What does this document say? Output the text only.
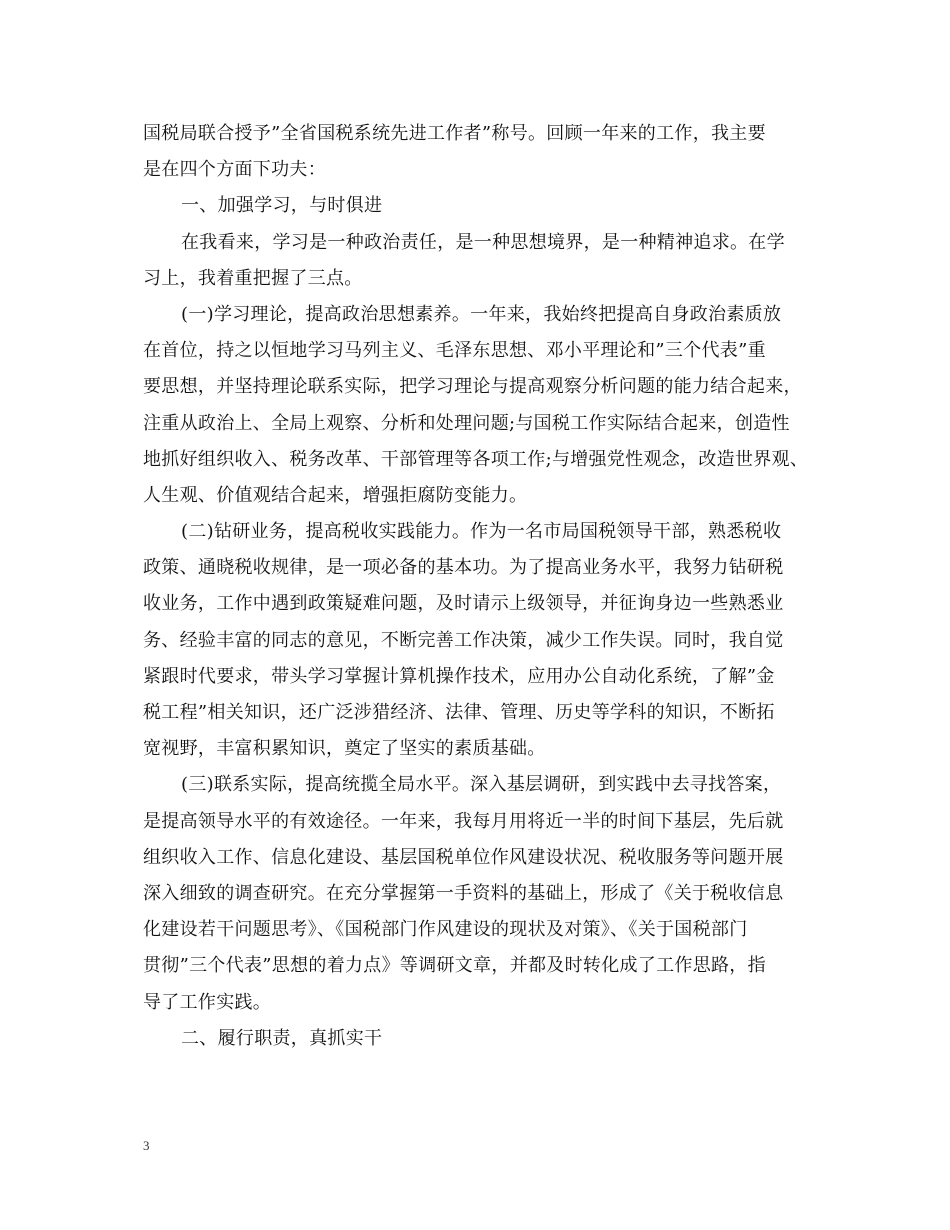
国税局联合授予”全省国税系统先进工作者”称号。回顾一年来的工作，我主要
是在四个方面下功夫：
一、加强学习，与时俱进
在我看来，学习是一种政治责任，是一种思想境界，是一种精神追求。在学
习上，我着重把握了三点。
(一)学习理论，提高政治思想素养。一年来，我始终把提高自身政治素质放
在首位，持之以恒地学习马列主义、毛泽东思想、邓小平理论和”三个代表”重
要思想，并坚持理论联系实际，把学习理论与提高观察分析问题的能力结合起来，
注重从政治上、全局上观察、分析和处理问题;与国税工作实际结合起来，创造性
地抓好组织收入、税务改革、干部管理等各项工作;与增强党性观念，改造世界观、
人生观、价值观结合起来，增强拒腐防变能力。
(二)钻研业务，提高税收实践能力。作为一名市局国税领导干部，熟悉税收
政策、通晓税收规律，是一项必备的基本功。为了提高业务水平，我努力钻研税
收业务，工作中遇到政策疑难问题，及时请示上级领导，并征询身边一些熟悉业
务、经验丰富的同志的意见，不断完善工作决策，减少工作失误。同时，我自觉
紧跟时代要求，带头学习掌握计算机操作技术，应用办公自动化系统，了解”金
税工程”相关知识，还广泛涉猎经济、法律、管理、历史等学科的知识，不断拓
宽视野，丰富积累知识，奠定了坚实的素质基础。
(三)联系实际，提高统揽全局水平。深入基层调研，到实践中去寻找答案，
是提高领导水平的有效途径。一年来，我每月用将近一半的时间下基层，先后就
组织收入工作、信息化建设、基层国税单位作风建设状况、税收服务等问题开展
深入细致的调查研究。在充分掌握第一手资料的基础上，形成了《关于税收信息
化建设若干问题思考》、《国税部门作风建设的现状及对策》、《关于国税部门
贯彻”三个代表”思想的着力点》等调研文章，并都及时转化成了工作思路，指
导了工作实践。
二、履行职责，真抓实干
3
